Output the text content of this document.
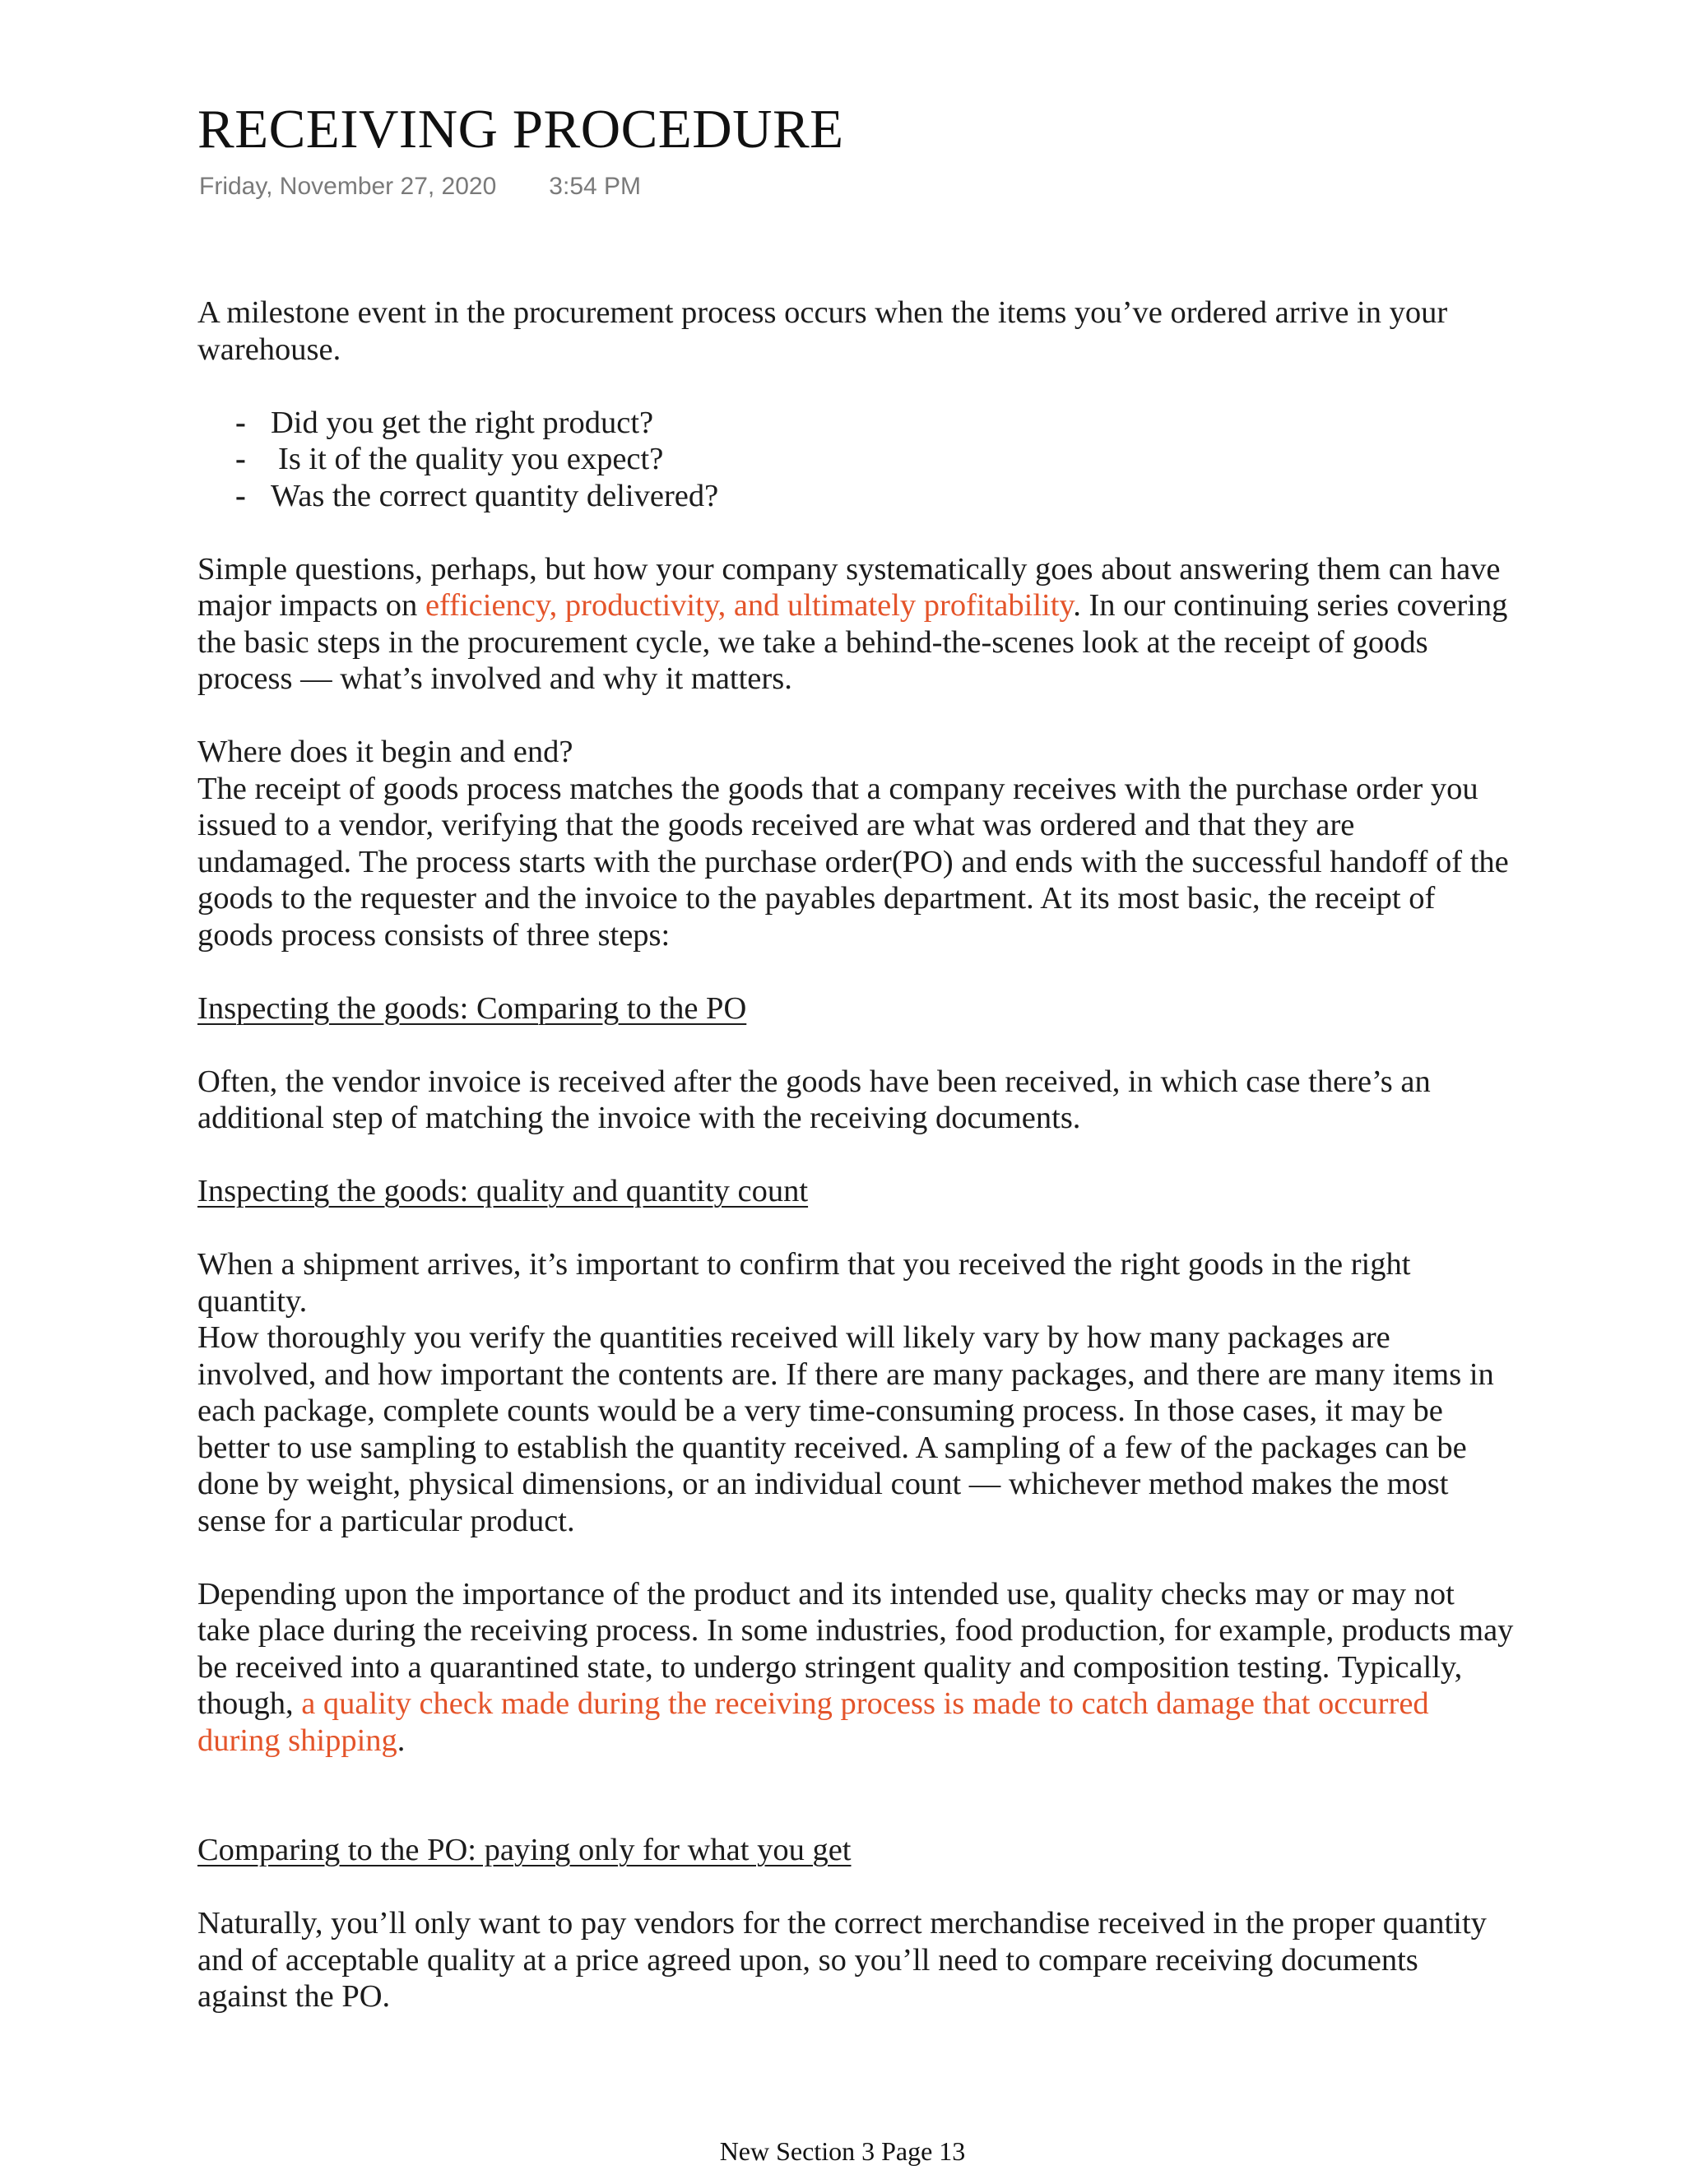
RECEIVING PROCEDURE
Friday, November 27, 2020 3:54 PM

A milestone event in the procurement process occurs when the items you’ve ordered arrive in your warehouse.

- Did you get the right product?
- Is it of the quality you expect?
- Was the correct quantity delivered?

Simple questions, perhaps, but how your company systematically goes about answering them can have major impacts on efficiency, productivity, and ultimately profitability. In our continuing series covering the basic steps in the procurement cycle, we take a behind-the-scenes look at the receipt of goods process — what’s involved and why it matters.

Where does it begin and end?

The receipt of goods process matches the goods that a company receives with the purchase order you issued to a vendor, verifying that the goods received are what was ordered and that they are undamaged. The process starts with the purchase order(PO) and ends with the successful handoff of the goods to the requester and the invoice to the payables department. At its most basic, the receipt of goods process consists of three steps:

Inspecting the goods: Comparing to the PO

Often, the vendor invoice is received after the goods have been received, in which case there’s an additional step of matching the invoice with the receiving documents.

Inspecting the goods: quality and quantity count

When a shipment arrives, it’s important to confirm that you received the right goods in the right quantity.

How thoroughly you verify the quantities received will likely vary by how many packages are involved, and how important the contents are. If there are many packages, and there are many items in each package, complete counts would be a very time-consuming process. In those cases, it may be better to use sampling to establish the quantity received. A sampling of a few of the packages can be done by weight, physical dimensions, or an individual count — whichever method makes the most sense for a particular product.

Depending upon the importance of the product and its intended use, quality checks may or may not take place during the receiving process. In some industries, food production, for example, products may be received into a quarantined state, to undergo stringent quality and composition testing. Typically, though, a quality check made during the receiving process is made to catch damage that occurred during shipping.

Comparing to the PO: paying only for what you get

Naturally, you’ll only want to pay vendors for the correct merchandise received in the proper quantity and of acceptable quality at a price agreed upon, so you’ll need to compare receiving documents against the PO.

New Section 3 Page 13
